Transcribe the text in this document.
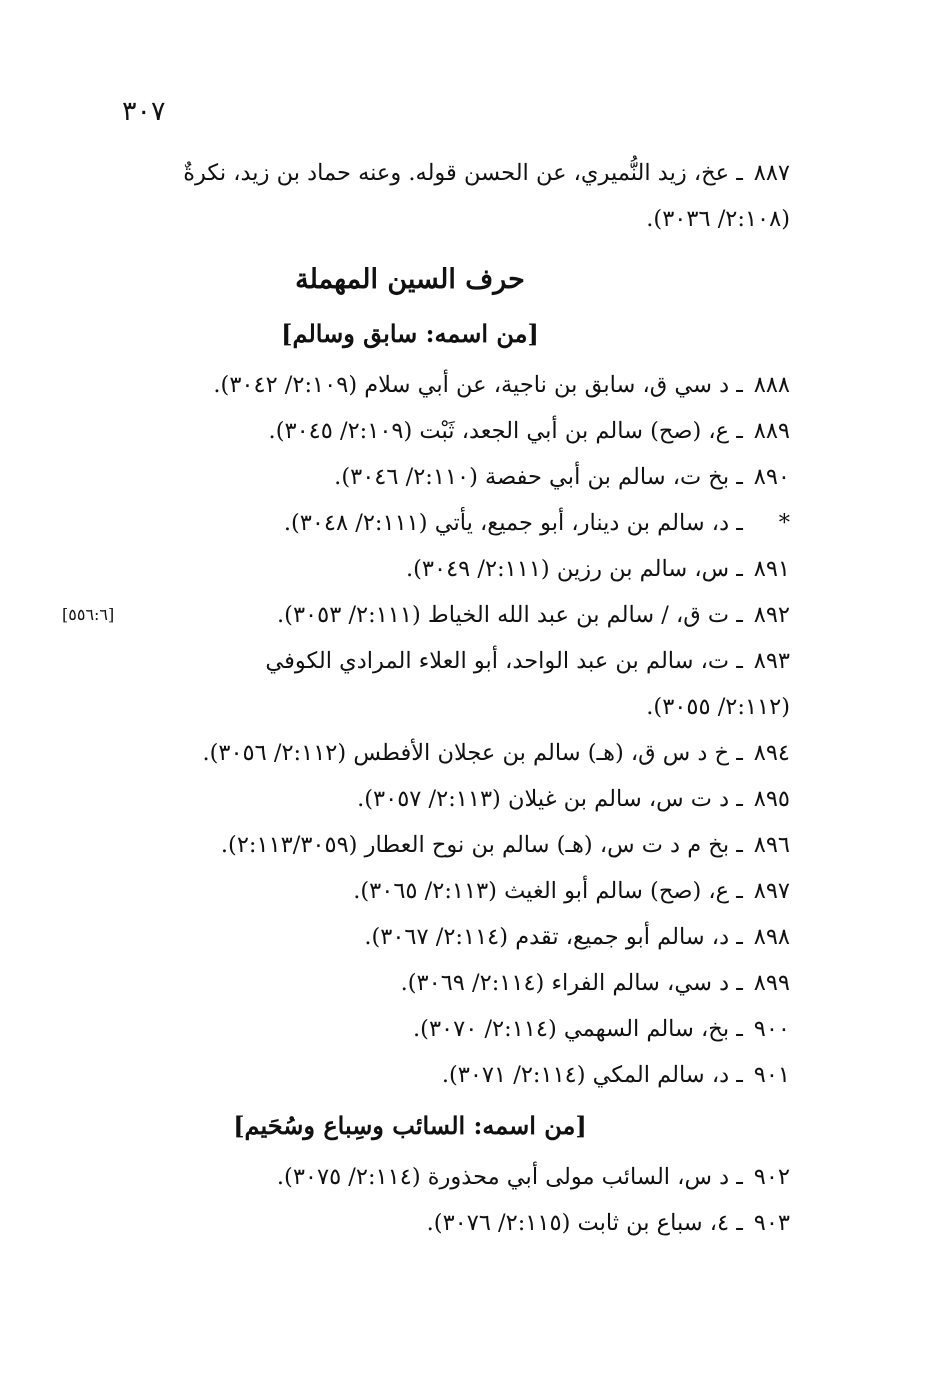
٣٠٧
٨٨٧ ـ عخ، زيد النُّميري، عن الحسن قوله. وعنه حماد بن زيد، نكرةٌ
(٢:١٠٨/ ٣٠٣٦).
حرف السين المهملة
[من اسمه: سابق وسالم]
٨٨٨ ـ د سي ق، سابق بن ناجية، عن أبي سلام (٢:١٠٩/ ٣٠٤٢).
٨٨٩ ـ ع، (صح) سالم بن أبي الجعد، ثَبْت (٢:١٠٩/ ٣٠٤٥).
٨٩٠ ـ بخ ت، سالم بن أبي حفصة (٢:١١٠/ ٣٠٤٦).
* ـ د، سالم بن دينار، أبو جميع، يأتي (٢:١١١/ ٣٠٤٨).
٨٩١ ـ س، سالم بن رزين (٢:١١١/ ٣٠٤٩).
٨٩٢ ـ ت ق، / سالم بن عبد الله الخياط (٢:١١١/ ٣٠٥٣).
[٥٥٦:٦]
٨٩٣ ـ ت، سالم بن عبد الواحد، أبو العلاء المرادي الكوفي
(٢:١١٢/ ٣٠٥٥).
٨٩٤ ـ خ د س ق، (هـ) سالم بن عجلان الأفطس (٢:١١٢/ ٣٠٥٦).
٨٩٥ ـ د ت س، سالم بن غيلان (٢:١١٣/ ٣٠٥٧).
٨٩٦ ـ بخ م د ت س، (هـ) سالم بن نوح العطار (٢:١١٣/٣٠٥٩).
٨٩٧ ـ ع، (صح) سالم أبو الغيث (٢:١١٣/ ٣٠٦٥).
٨٩٨ ـ د، سالم أبو جميع، تقدم (٢:١١٤/ ٣٠٦٧).
٨٩٩ ـ د سي، سالم الفراء (٢:١١٤/ ٣٠٦٩).
٩٠٠ ـ بخ، سالم السهمي (٢:١١٤/ ٣٠٧٠).
٩٠١ ـ د، سالم المكي (٢:١١٤/ ٣٠٧١).
[من اسمه: السائب وسِباع وسُحَيم]
٩٠٢ ـ د س، السائب مولى أبي محذورة (٢:١١٤/ ٣٠٧٥).
٩٠٣ ـ ٤، سباع بن ثابت (٢:١١٥/ ٣٠٧٦).
